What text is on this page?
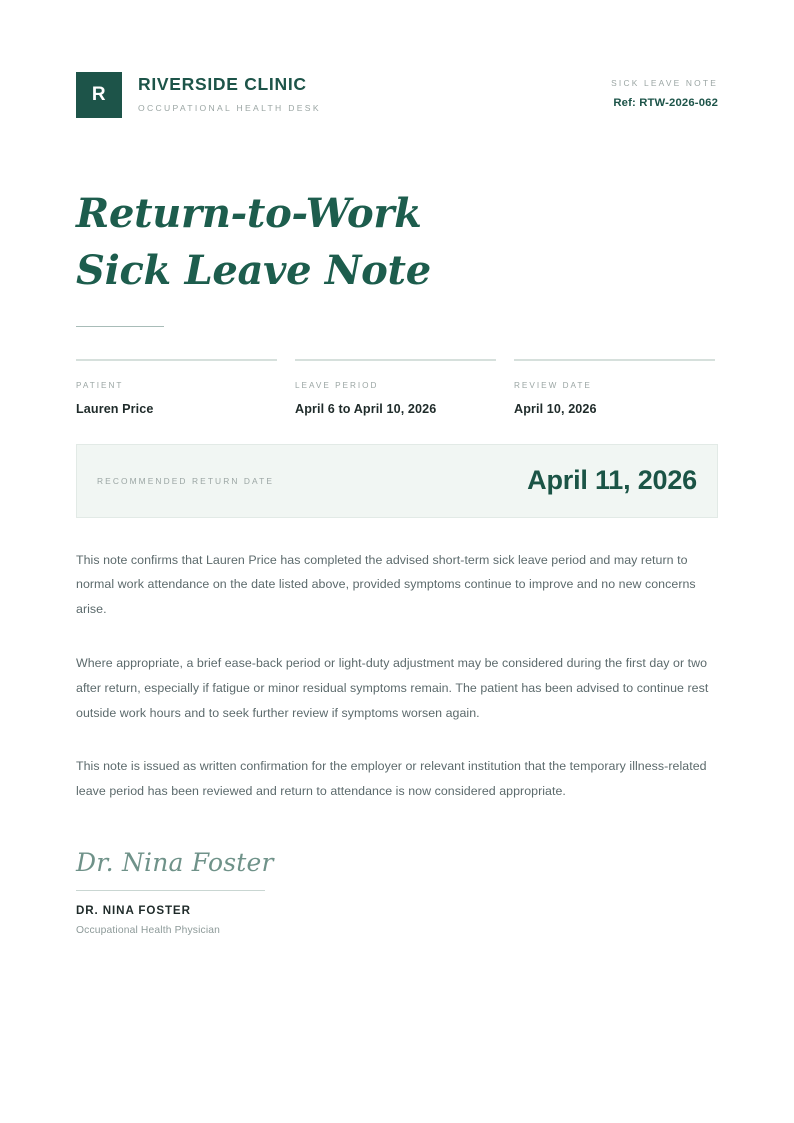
R	RIVERSIDE CLINIC
OCCUPATIONAL HEALTH DESK
SICK LEAVE NOTE
Ref: RTW-2026-062
Return-to-Work
Sick Leave Note
PATIENT
Lauren Price
LEAVE PERIOD
April 6 to April 10, 2026
REVIEW DATE
April 10, 2026
RECOMMENDED RETURN DATE	April 11, 2026

This note confirms that Lauren Price has completed the advised short-term sick leave period and may return to normal work attendance on the date listed above, provided symptoms continue to improve and no new concerns arise.

Where appropriate, a brief ease-back period or light-duty adjustment may be considered during the first day or two after return, especially if fatigue or minor residual symptoms remain. The patient has been advised to continue rest outside work hours and to seek further review if symptoms worsen again.

This note is issued as written confirmation for the employer or relevant institution that the temporary illness-related leave period has been reviewed and return to attendance is now considered appropriate.

Dr. Nina Foster
DR. NINA FOSTER
Occupational Health Physician
